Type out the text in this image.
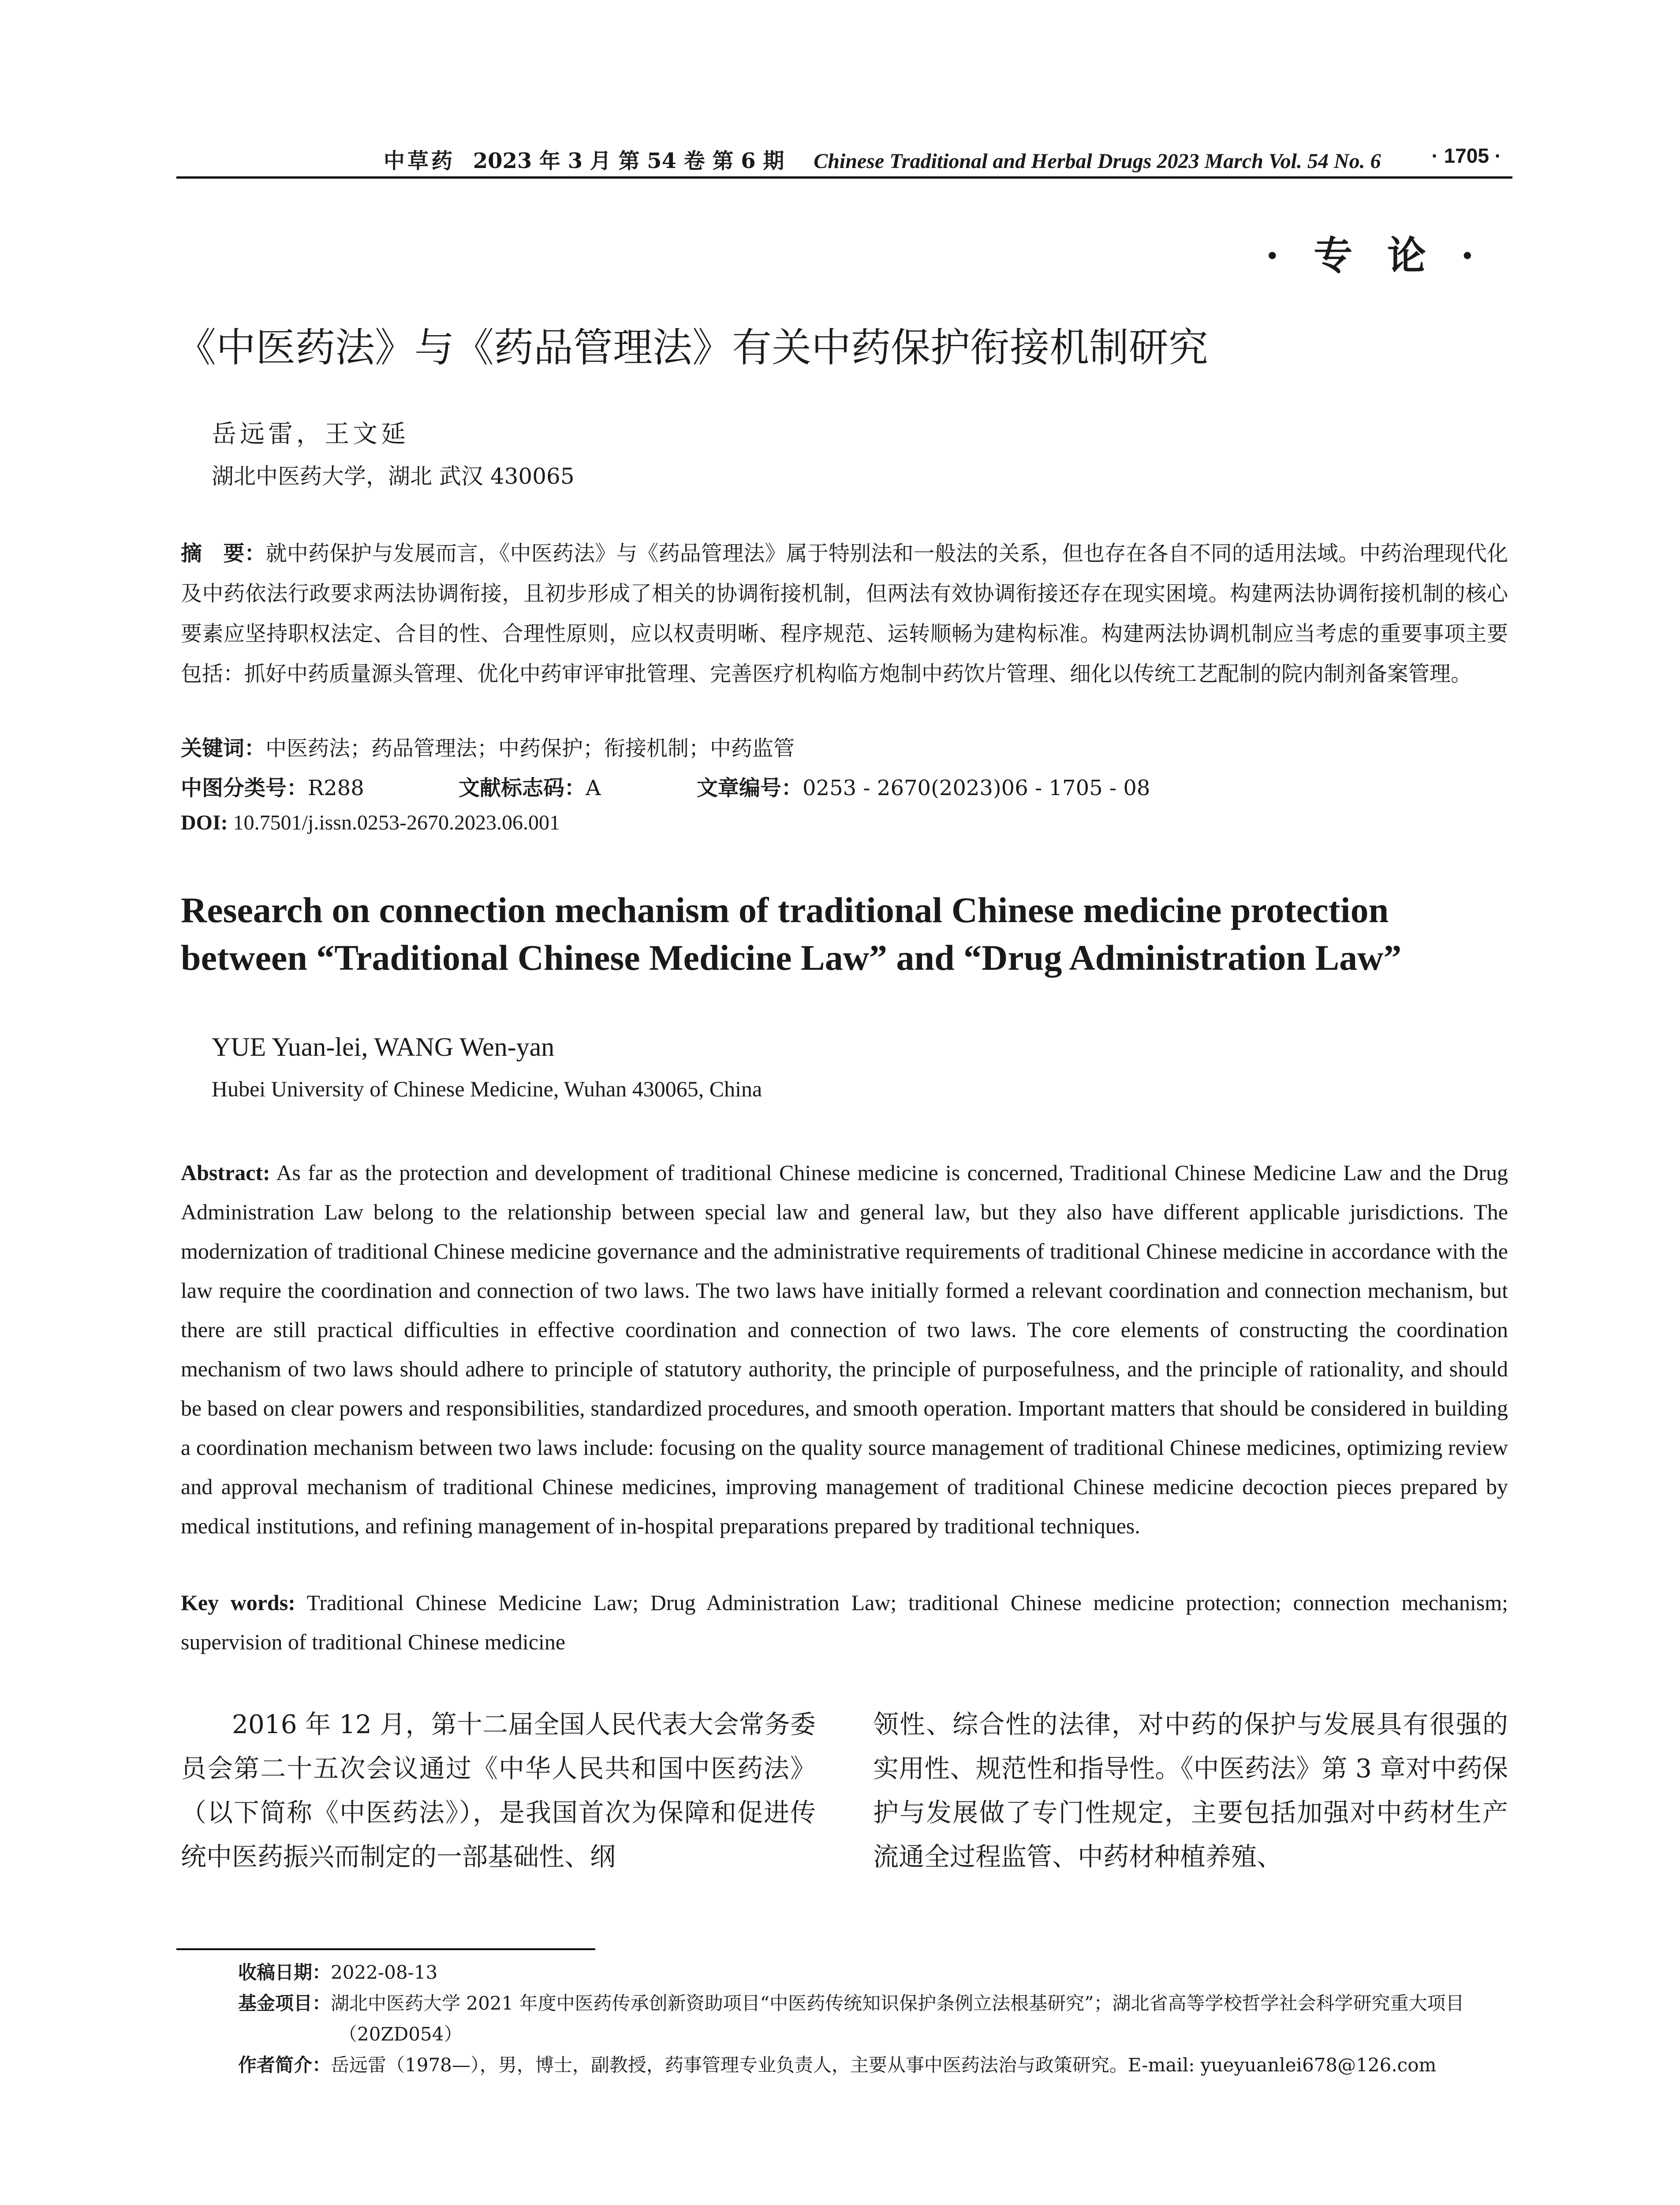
中草药 2023 年 3 月 第 54 卷 第 6 期 Chinese Traditional and Herbal Drugs 2023 March Vol. 54 No. 6 · 1705 ·
· 专 论 ·
《中医药法》与《药品管理法》有关中药保护衔接机制研究
岳远雷，王文延
湖北中医药大学，湖北 武汉 430065
摘　要：就中药保护与发展而言，《中医药法》与《药品管理法》属于特别法和一般法的关系，但也存在各自不同的适用法域。中药治理现代化及中药依法行政要求两法协调衔接，且初步形成了相关的协调衔接机制，但两法有效协调衔接还存在现实困境。构建两法协调衔接机制的核心要素应坚持职权法定、合目的性、合理性原则，应以权责明晰、程序规范、运转顺畅为建构标准。构建两法协调机制应当考虑的重要事项主要包括：抓好中药质量源头管理、优化中药审评审批管理、完善医疗机构临方炮制中药饮片管理、细化以传统工艺配制的院内制剂备案管理。
关键词：中医药法；药品管理法；中药保护；衔接机制；中药监管
中图分类号：R288	文献标志码：A	文章编号：0253 - 2670(2023)06 - 1705 - 08
DOI: 10.7501/j.issn.0253-2670.2023.06.001
Research on connection mechanism of traditional Chinese medicine protection
between “Traditional Chinese Medicine Law” and “Drug Administration Law”
YUE Yuan-lei, WANG Wen-yan
Hubei University of Chinese Medicine, Wuhan 430065, China
Abstract: As far as the protection and development of traditional Chinese medicine is concerned, Traditional Chinese Medicine Law and the Drug Administration Law belong to the relationship between special law and general law, but they also have different applicable jurisdictions. The modernization of traditional Chinese medicine governance and the administrative requirements of traditional Chinese medicine in accordance with the law require the coordination and connection of two laws. The two laws have initially formed a relevant coordination and connection mechanism, but there are still practical difficulties in effective coordination and connection of two laws. The core elements of constructing the coordination mechanism of two laws should adhere to principle of statutory authority, the principle of purposefulness, and the principle of rationality, and should be based on clear powers and responsibilities, standardized procedures, and smooth operation. Important matters that should be considered in building a coordination mechanism between two laws include: focusing on the quality source management of traditional Chinese medicines, optimizing review and approval mechanism of traditional Chinese medicines, improving management of traditional Chinese medicine decoction pieces prepared by medical institutions, and refining management of in-hospital preparations prepared by traditional techniques.
Key words: Traditional Chinese Medicine Law; Drug Administration Law; traditional Chinese medicine protection; connection mechanism; supervision of traditional Chinese medicine

2016 年 12 月，第十二届全国人民代表大会常务委员会第二十五次会议通过《中华人民共和国中医药法》（以下简称《中医药法》），是我国首次为保障和促进传统中医药振兴而制定的一部基础性、纲

领性、综合性的法律，对中药的保护与发展具有很强的实用性、规范性和指导性。《中医药法》第 3 章对中药保护与发展做了专门性规定，主要包括加强对中药材生产流通全过程监管、中药材种植养殖、

收稿日期：2022-08-13
基金项目：湖北中医药大学 2021 年度中医药传承创新资助项目“中医药传统知识保护条例立法根基研究”；湖北省高等学校哲学社会科学研究重大项目（20ZD054）
作者简介：岳远雷（1978—），男，博士，副教授，药事管理专业负责人，主要从事中医药法治与政策研究。E-mail: yueyuanlei678@126.com
